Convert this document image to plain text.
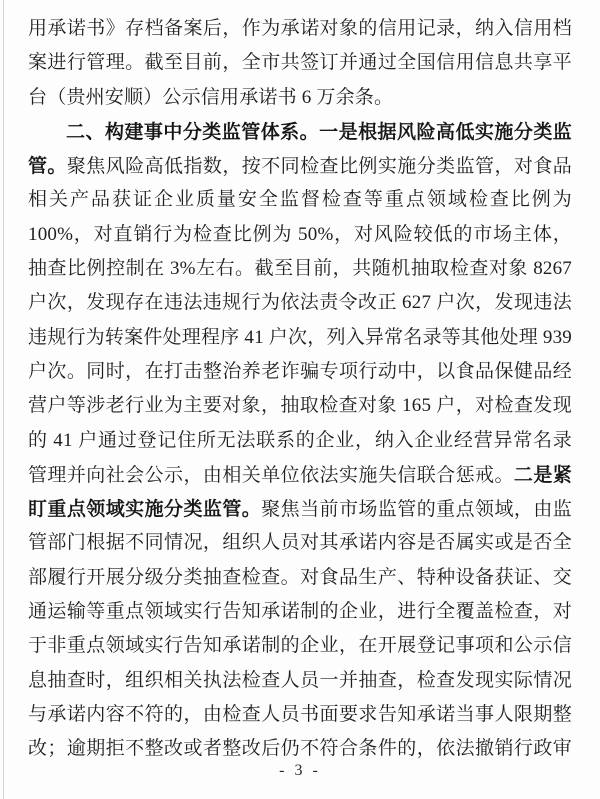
用承诺书》存档备案后，作为承诺对象的信用记录，纳入信用档
案进行管理。截至目前，全市共签订并通过全国信用信息共享平
台（贵州安顺）公示信用承诺书 6 万余条。
二、构建事中分类监管体系。一是根据风险高低实施分类监
管。聚焦风险高低指数，按不同检查比例实施分类监管，对食品
相关产品获证企业质量安全监督检查等重点领域检查比例为
100%，对直销行为检查比例为 50%，对风险较低的市场主体，
抽查比例控制在 3%左右。截至目前，共随机抽取检查对象 8267
户次，发现存在违法违规行为依法责令改正 627 户次，发现违法
违规行为转案件处理程序 41 户次，列入异常名录等其他处理 939
户次。同时，在打击整治养老诈骗专项行动中，以食品保健品经
营户等涉老行业为主要对象，抽取检查对象 165 户，对检查发现
的 41 户通过登记住所无法联系的企业，纳入企业经营异常名录
管理并向社会公示，由相关单位依法实施失信联合惩戒。二是紧
盯重点领域实施分类监管。聚焦当前市场监管的重点领域，由监
管部门根据不同情况，组织人员对其承诺内容是否属实或是否全
部履行开展分级分类抽查检查。对食品生产、特种设备获证、交
通运输等重点领域实行告知承诺制的企业，进行全覆盖检查，对
于非重点领域实行告知承诺制的企业，在开展登记事项和公示信
息抽查时，组织相关执法检查人员一并抽查，检查发现实际情况
与承诺内容不符的，由检查人员书面要求告知承诺当事人限期整
改；逾期拒不整改或者整改后仍不符合条件的，依法撤销行政审
- 3 -
